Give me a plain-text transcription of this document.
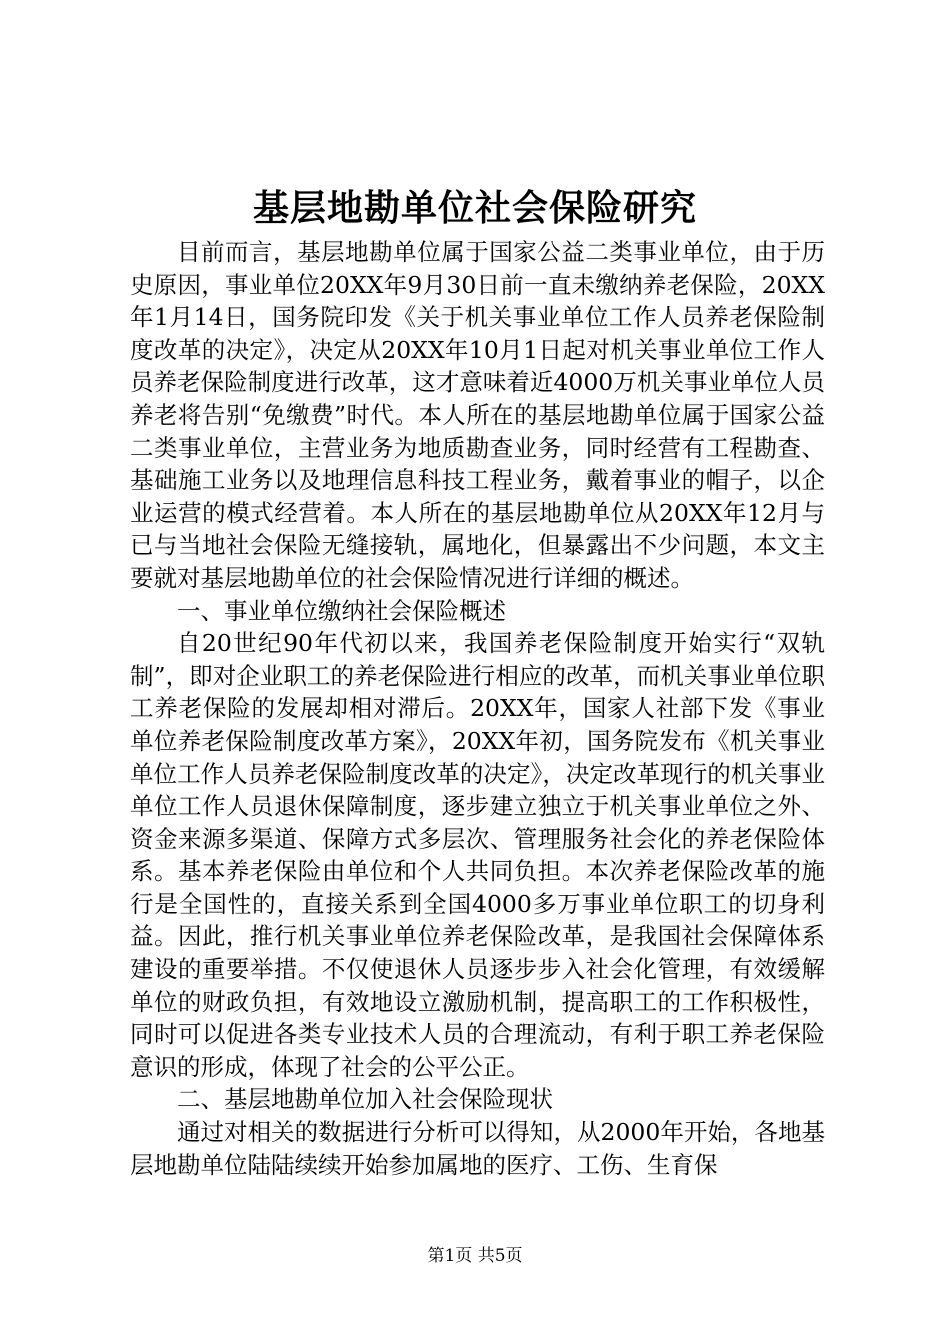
基层地勘单位社会保险研究

目前而言，基层地勘单位属于国家公益二类事业单位，由于历史原因，事业单位20XX年9月30日前一直未缴纳养老保险，20XX年1月14日，国务院印发《关于机关事业单位工作人员养老保险制度改革的决定》，决定从20XX年10月1日起对机关事业单位工作人员养老保险制度进行改革，这才意味着近4000万机关事业单位人员养老将告别“免缴费”时代。本人所在的基层地勘单位属于国家公益二类事业单位，主营业务为地质勘查业务，同时经营有工程勘查、基础施工业务以及地理信息科技工程业务，戴着事业的帽子，以企业运营的模式经营着。本人所在的基层地勘单位从20XX年12月与已与当地社会保险无缝接轨，属地化，但暴露出不少问题，本文主要就对基层地勘单位的社会保险情况进行详细的概述。

一、事业单位缴纳社会保险概述

自20世纪90年代初以来，我国养老保险制度开始实行“双轨制”，即对企业职工的养老保险进行相应的改革，而机关事业单位职工养老保险的发展却相对滞后。20XX年，国家人社部下发《事业单位养老保险制度改革方案》，20XX年初，国务院发布《机关事业单位工作人员养老保险制度改革的决定》，决定改革现行的机关事业单位工作人员退休保障制度，逐步建立独立于机关事业单位之外、资金来源多渠道、保障方式多层次、管理服务社会化的养老保险体系。基本养老保险由单位和个人共同负担。本次养老保险改革的施行是全国性的，直接关系到全国4000多万事业单位职工的切身利益。因此，推行机关事业单位养老保险改革，是我国社会保障体系建设的重要举措。不仅使退休人员逐步步入社会化管理，有效缓解单位的财政负担，有效地设立激励机制，提高职工的工作积极性，同时可以促进各类专业技术人员的合理流动，有利于职工养老保险意识的形成，体现了社会的公平公正。

二、基层地勘单位加入社会保险现状

通过对相关的数据进行分析可以得知，从2000年开始，各地基层地勘单位陆陆续续开始参加属地的医疗、工伤、生育保

第1页 共5页
